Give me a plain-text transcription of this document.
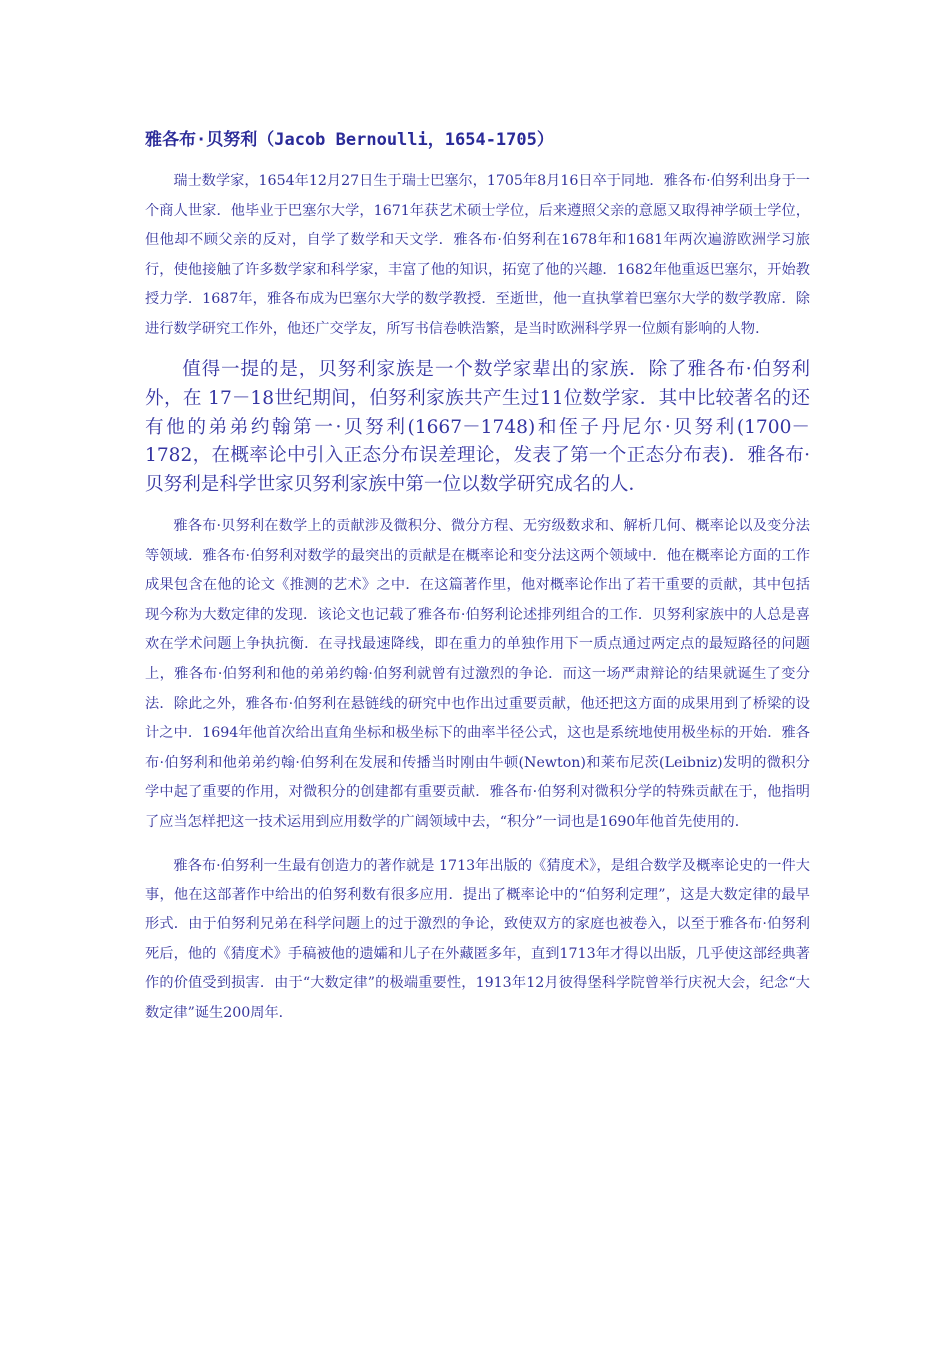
雅各布·贝努利（Jacob Bernoulli，1654-1705）

瑞士数学家，1654年12月27日生于瑞士巴塞尔，1705年8月16日卒于同地．雅各布·伯努利出身于一个商人世家．他毕业于巴塞尔大学，1671年获艺术硕士学位，后来遵照父亲的意愿又取得神学硕士学位，但他却不顾父亲的反对，自学了数学和天文学．雅各布·伯努利在1678年和1681年两次遍游欧洲学习旅行，使他接触了许多数学家和科学家，丰富了他的知识，拓宽了他的兴趣．1682年他重返巴塞尔，开始教授力学．1687年，雅各布成为巴塞尔大学的数学教授．至逝世，他一直执掌着巴塞尔大学的数学教席．除进行数学研究工作外，他还广交学友，所写书信卷帙浩繁，是当时欧洲科学界一位颇有影响的人物．

值得一提的是，贝努利家族是一个数学家辈出的家族．除了雅各布·伯努利外，在 17－18世纪期间，伯努利家族共产生过11位数学家．其中比较著名的还有他的弟弟约翰第一·贝努利(1667－1748)和侄子丹尼尔·贝努利(1700－1782，在概率论中引入正态分布误差理论，发表了第一个正态分布表)．雅各布·贝努利是科学世家贝努利家族中第一位以数学研究成名的人．

雅各布·贝努利在数学上的贡献涉及微积分、微分方程、无穷级数求和、解析几何、概率论以及变分法等领域．雅各布·伯努利对数学的最突出的贡献是在概率论和变分法这两个领域中．他在概率论方面的工作成果包含在他的论文《推测的艺术》之中．在这篇著作里，他对概率论作出了若干重要的贡献，其中包括现今称为大数定律的发现．该论文也记载了雅各布·伯努利论述排列组合的工作．贝努利家族中的人总是喜欢在学术问题上争执抗衡．在寻找最速降线，即在重力的单独作用下一质点通过两定点的最短路径的问题上，雅各布·伯努利和他的弟弟约翰·伯努利就曾有过激烈的争论．而这一场严肃辩论的结果就诞生了变分法．除此之外，雅各布·伯努利在悬链线的研究中也作出过重要贡献，他还把这方面的成果用到了桥梁的设计之中．1694年他首次给出直角坐标和极坐标下的曲率半径公式，这也是系统地使用极坐标的开始．雅各布·伯努利和他弟弟约翰·伯努利在发展和传播当时刚由牛顿(Newton)和莱布尼茨(Leibniz)发明的微积分学中起了重要的作用，对微积分的创建都有重要贡献．雅各布·伯努利对微积分学的特殊贡献在于，他指明了应当怎样把这一技术运用到应用数学的广阔领域中去，“积分”一词也是1690年他首先使用的．

雅各布·伯努利一生最有创造力的著作就是 1713年出版的《猜度术》，是组合数学及概率论史的一件大事，他在这部著作中给出的伯努利数有很多应用．提出了概率论中的“伯努利定理”，这是大数定律的最早形式．由于伯努利兄弟在科学问题上的过于激烈的争论，致使双方的家庭也被卷入，以至于雅各布·伯努利死后，他的《猜度术》手稿被他的遗孀和儿子在外藏匿多年，直到1713年才得以出版，几乎使这部经典著作的价值受到损害．由于“大数定律”的极端重要性，1913年12月彼得堡科学院曾举行庆祝大会，纪念“大数定律”诞生200周年．
